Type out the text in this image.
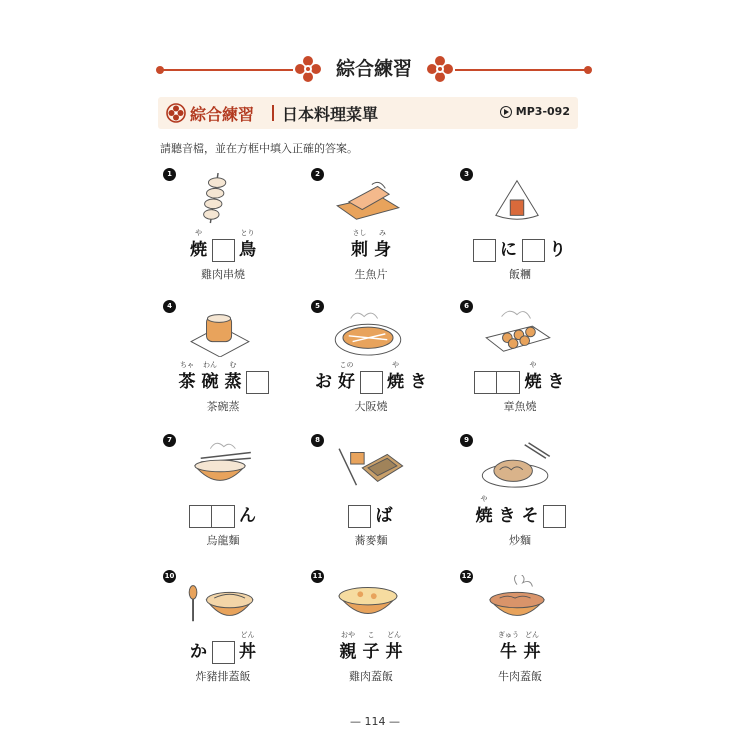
綜合練習
綜合練習 日本料理菜單	MP3-092
請聽音檔，並在方框中填入正確的答案。
1
や
焼
とり
鳥
雞肉串燒
2
さし
刺
み
身
生魚片
3
に り
飯糰
4
ちゃ
茶
わん
碗
む
蒸
茶碗蒸
5
お
この
好
や
焼 き
大阪燒
6
や
焼 き
章魚燒
7
ん
烏龍麵
8
ば
蕎麥麵
9
や
焼 き そ
炒麵
10
か
どん
丼
炸豬排蓋飯
11
おや
親
こ
子
どん
丼
雞肉蓋飯
12
ぎゅう
牛
どん
丼
牛肉蓋飯
— 114 —
